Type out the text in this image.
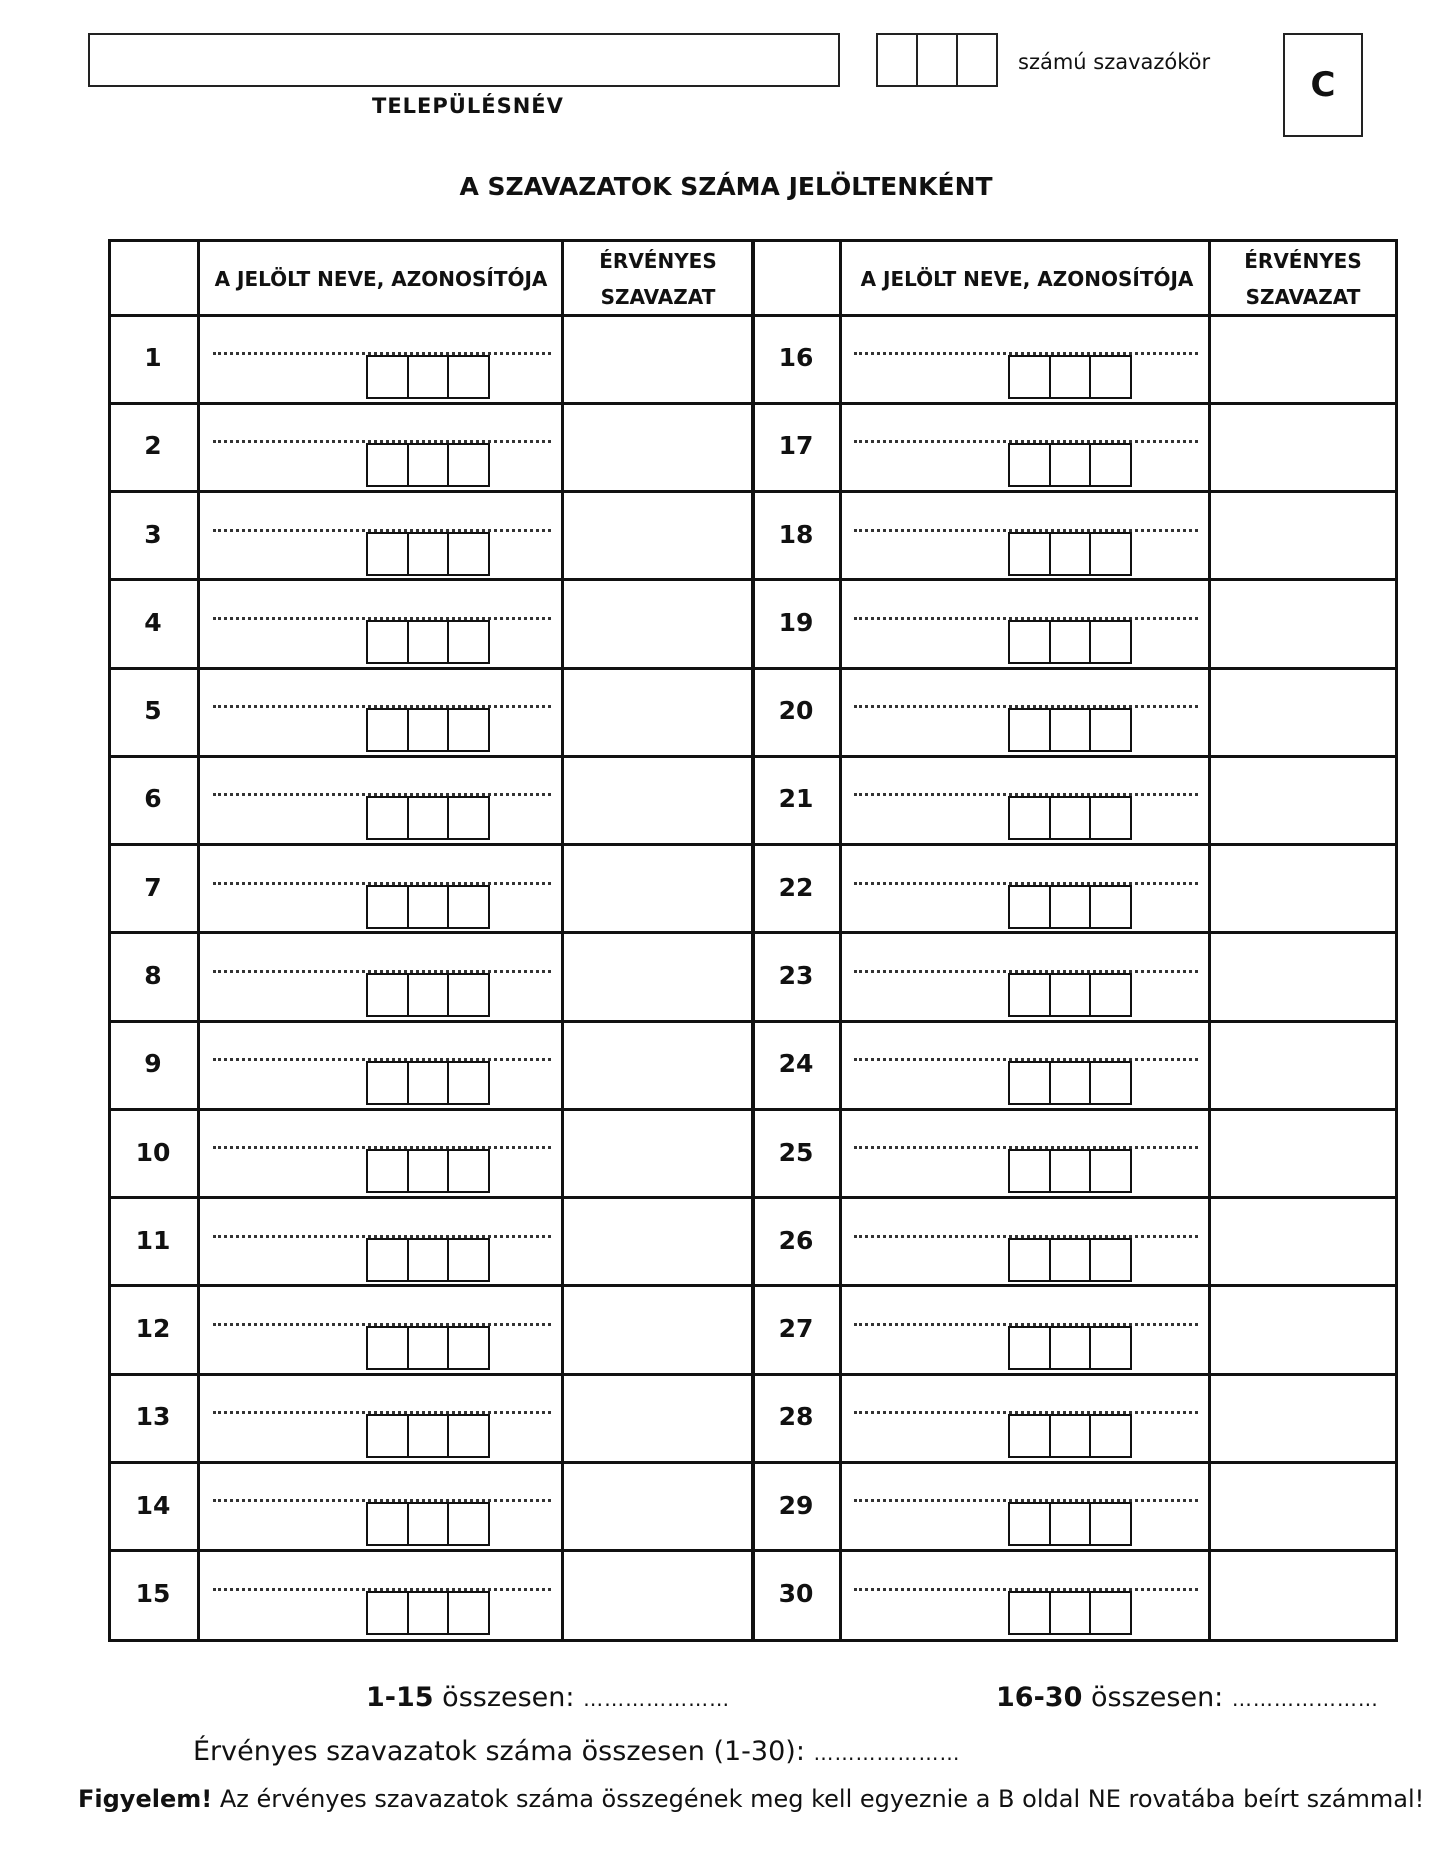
TELEPÜLÉSNÉV
számú szavazókör
C
A SZAVAZATOK SZÁMA JELÖLTENKÉNT
A JELÖLT NEVE, AZONOSÍTÓJA
ÉRVÉNYES
SZAVAZAT
A JELÖLT NEVE, AZONOSÍTÓJA
ÉRVÉNYES
SZAVAZAT
1
2
3
4
5
6
7
8
9
10
11
12
13
14
15
16
17
18
19
20
21
22
23
24
25
26
27
28
29
30
1-15 összesen: …………………	16-30 összesen: …………………
Érvényes szavazatok száma összesen (1-30): …………………
Figyelem! Az érvényes szavazatok száma összegének meg kell egyeznie a B oldal NE rovatába beírt számmal!
